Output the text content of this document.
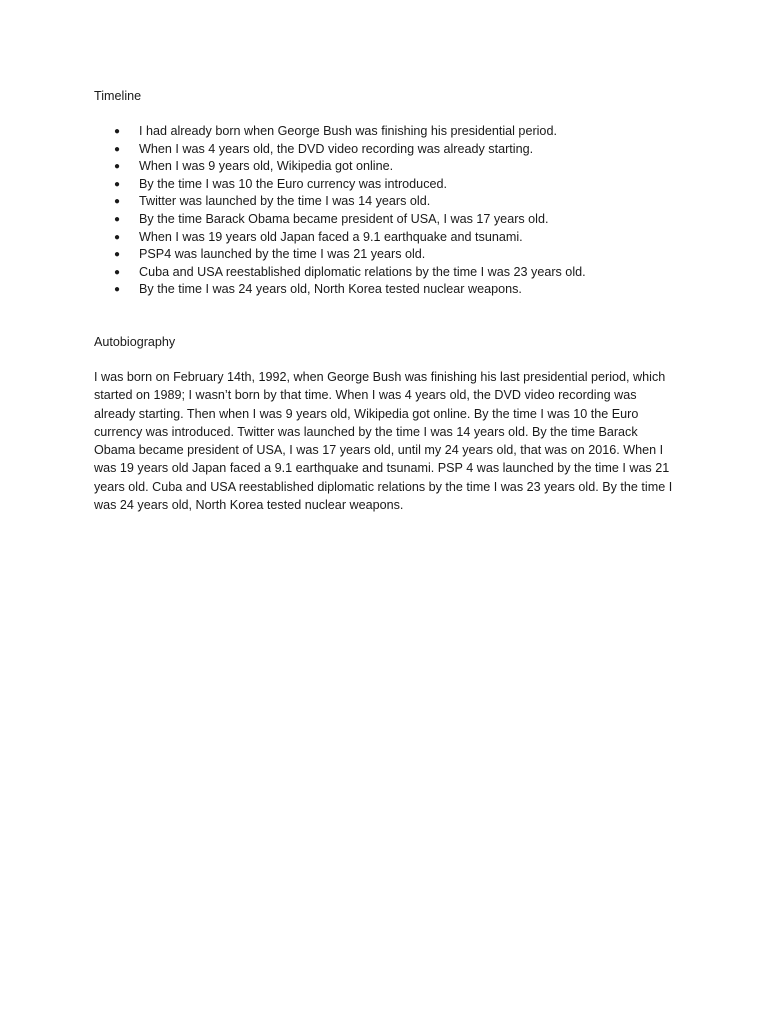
Timeline
● I had already born when George Bush was finishing his presidential period.
● When I was 4 years old, the DVD video recording was already starting.
● When I was 9 years old, Wikipedia got online.
● By the time I was 10 the Euro currency was introduced.
● Twitter was launched by the time I was 14 years old.
● By the time Barack Obama became president of USA, I was 17 years old.
● When I was 19 years old Japan faced a 9.1 earthquake and tsunami.
● PSP4 was launched by the time I was 21 years old.
● Cuba and USA reestablished diplomatic relations by the time I was 23 years old.
● By the time I was 24 years old, North Korea tested nuclear weapons.
Autobiography

I was born on February 14th, 1992, when George Bush was finishing his last presidential period, which started on 1989; I wasn’t born by that time. When I was 4 years old, the DVD video recording was already starting. Then when I was 9 years old, Wikipedia got online. By the time I was 10 the Euro currency was introduced. Twitter was launched by the time I was 14 years old. By the time Barack Obama became president of USA, I was 17 years old, until my 24 years old, that was on 2016. When I was 19 years old Japan faced a 9.1 earthquake and tsunami. PSP 4 was launched by the time I was 21 years old. Cuba and USA reestablished diplomatic relations by the time I was 23 years old. By the time I was 24 years old, North Korea tested nuclear weapons.
